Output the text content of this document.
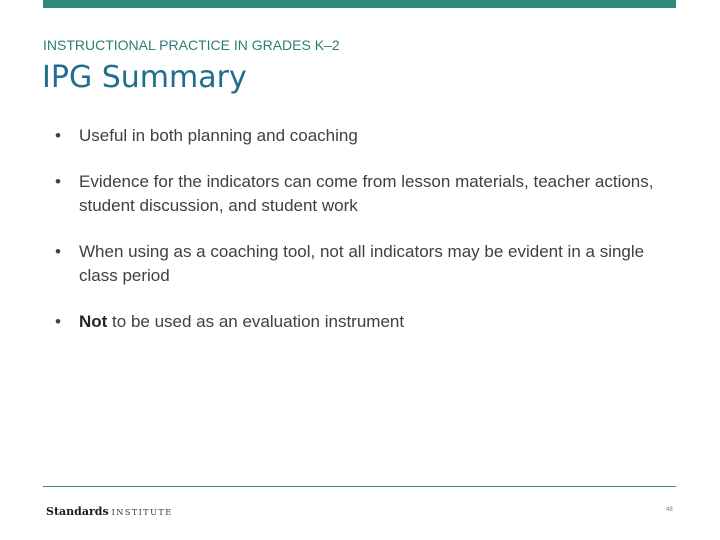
INSTRUCTIONAL PRACTICE IN GRADES K–2
IPG Summary
• Useful in both planning and coaching
• Evidence for the indicators can come from lesson materials, teacher actions, student discussion, and student work
• When using as a coaching tool, not all indicators may be evident in a single class period
• Not to be used as an evaluation instrument
Standards INSTITUTE	48
